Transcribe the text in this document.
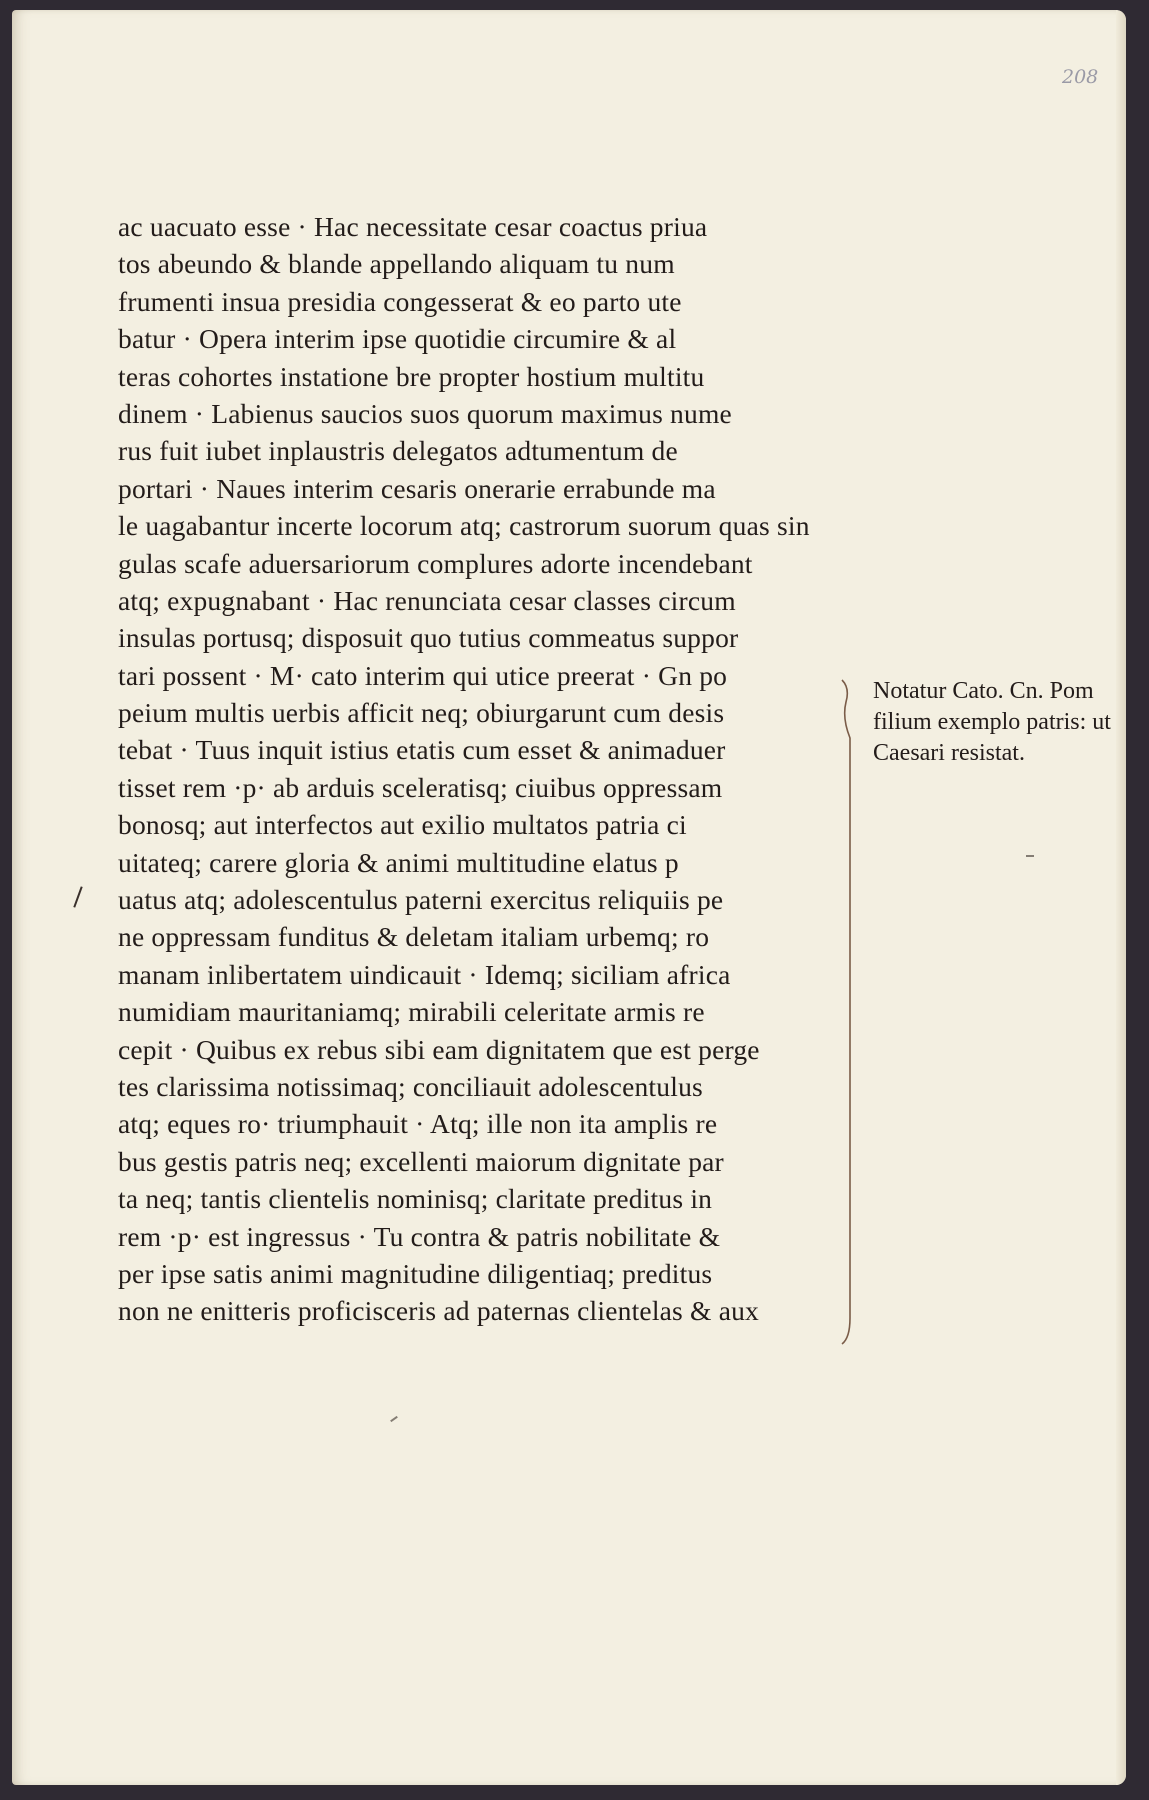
208

ac uacuato esse · Hac necessitate cesar coactus priua
tos abeundo & blande appellando aliquam tu num
frumenti insua presidia congesserat & eo parto ute
batur · Opera interim ipse quotidie circumire & al
teras cohortes instatione bre propter hostium multitu
dinem · Labienus saucios suos quorum maximus nume
rus fuit iubet inplaustris delegatos adtumentum de
portari · Naues interim cesaris onerarie errabunde ma
le uagabantur incerte locorum atq; castrorum suorum quas sin
gulas scafe aduersariorum complures adorte incendebant
atq; expugnabant · Hac renunciata cesar classes circum
insulas portusq; disposuit quo tutius commeatus suppor
tari possent · M· cato interim qui utice preerat · Gn po
peium multis uerbis afficit neq; obiurgarunt cum desis
tebat · Tuus inquit istius etatis cum esset & animaduer
tisset rem ·p· ab arduis sceleratisq; ciuibus oppressam
bonosq; aut interfectos aut exilio multatos patria ci
uitateq; carere gloria & animi multitudine elatus p
uatus atq; adolescentulus paterni exercitus reliquiis pe
ne oppressam funditus & deletam italiam urbemq; ro
manam inlibertatem uindicauit · Idemq; siciliam africa
numidiam mauritaniamq; mirabili celeritate armis re
cepit · Quibus ex rebus sibi eam dignitatem que est perge
tes clarissima notissimaq; conciliauit adolescentulus
atq; eques ro· triumphauit · Atq; ille non ita amplis re
bus gestis patris neq; excellenti maiorum dignitate par
ta neq; tantis clientelis nominisq; claritate preditus in
rem ·p· est ingressus · Tu contra & patris nobilitate &
per ipse satis animi magnitudine diligentiaq; preditus
non ne enitteris proficisceris ad paternas clientelas & aux
Notatur Cato. Cn. Pom
filium exemplo patris: ut
Caesari resistat.
